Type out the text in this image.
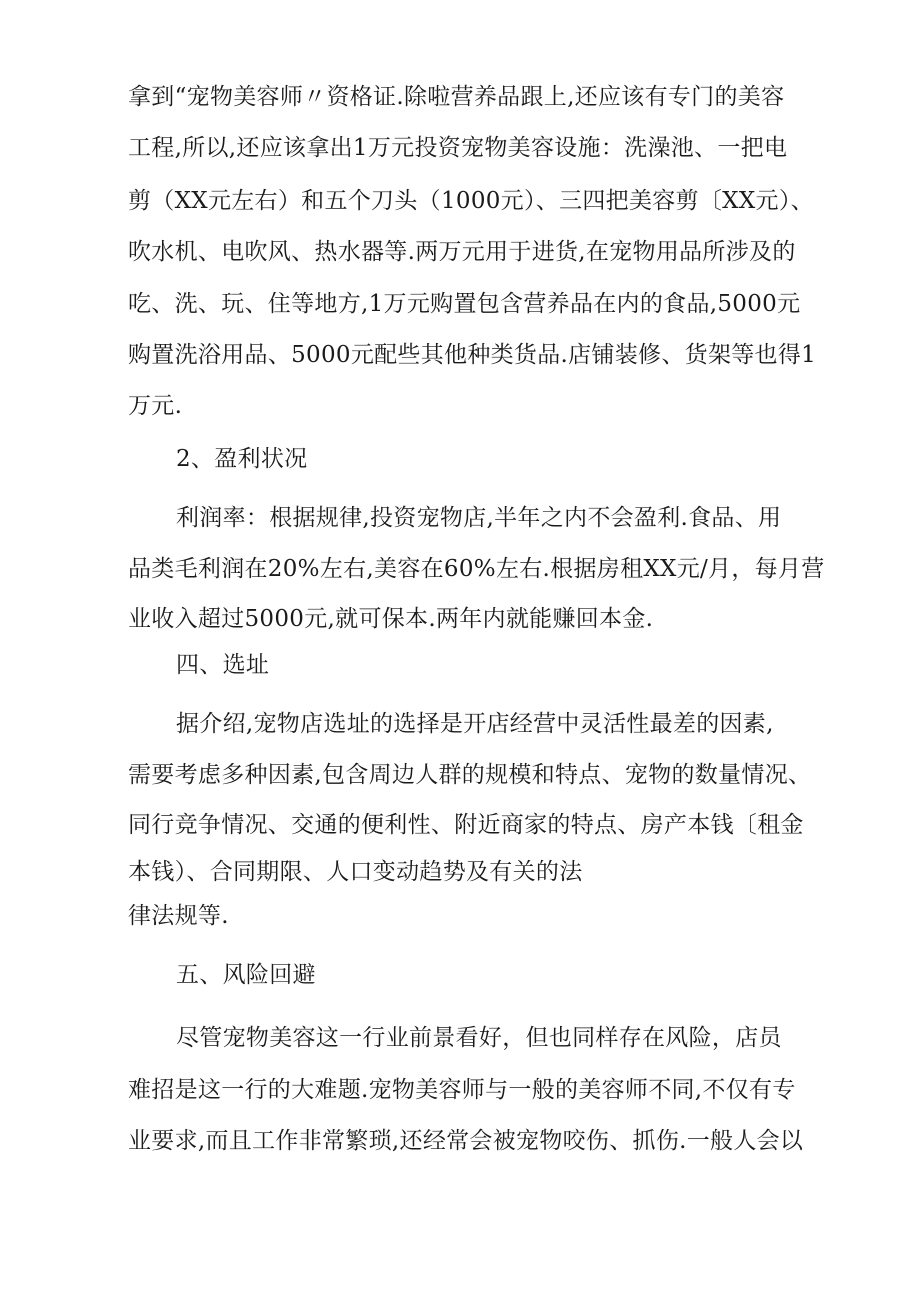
拿到“宠物美容师〃资格证.除啦营养品跟上,还应该有专门的美容
工程,所以,还应该拿出1万元投资宠物美容设施：洗澡池、一把电
剪（XX元左右）和五个刀头（1000元）、三四把美容剪〔XX元）、
吹水机、电吹风、热水器等.两万元用于进货,在宠物用品所涉及的
吃、洗、玩、住等地方,1万元购置包含营养品在内的食品,5000元
购置洗浴用品、5000元配些其他种类货品.店铺装修、货架等也得1
万元.
2、盈利状况
利润率：根据规律,投资宠物店,半年之内不会盈利.食品、用
品类毛利润在20%左右,美容在60%左右.根据房租XX元/月，每月营
业收入超过5000元,就可保本.两年内就能赚回本金.
四、选址
据介绍,宠物店选址的选择是开店经营中灵活性最差的因素,
需要考虑多种因素,包含周边人群的规模和特点、宠物的数量情况、
同行竞争情况、交通的便利性、附近商家的特点、房产本钱〔租金
本钱）、合同期限、人口变动趋势及有关的法
律法规等.
五、风险回避
尽管宠物美容这一行业前景看好，但也同样存在风险，店员
难招是这一行的大难题.宠物美容师与一般的美容师不同,不仅有专
业要求,而且工作非常繁琐,还经常会被宠物咬伤、抓伤.一般人会以
